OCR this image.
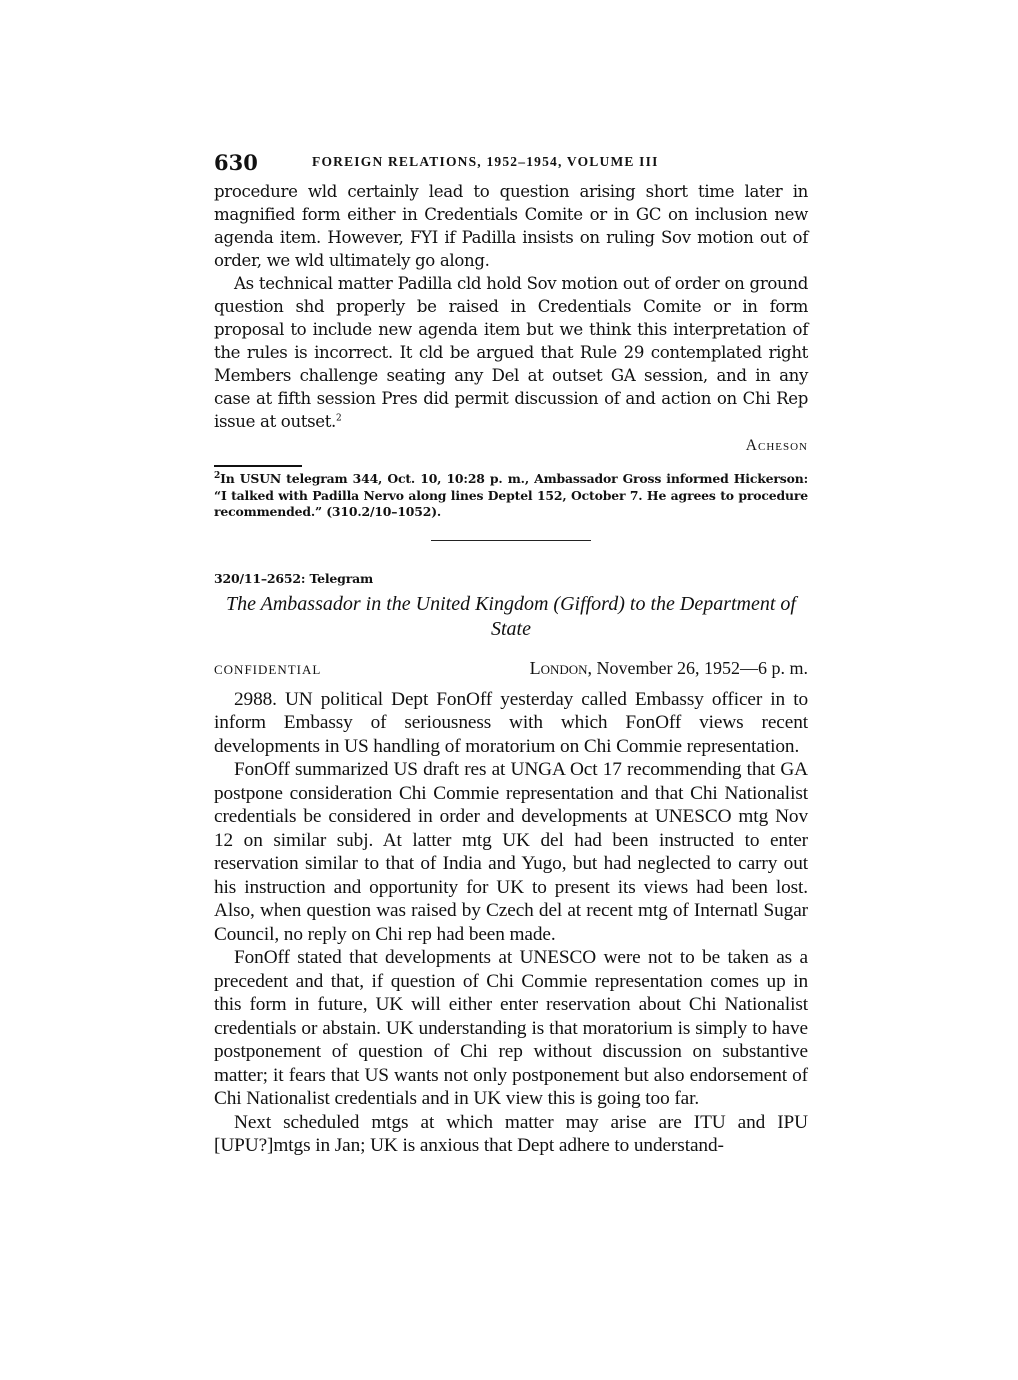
630	FOREIGN RELATIONS, 1952–1954, VOLUME III

procedure wld certainly lead to question arising short time later in magnified form either in Credentials Comite or in GC on inclusion new agenda item. However, FYI if Padilla insists on ruling Sov motion out of order, we wld ultimately go along.

As technical matter Padilla cld hold Sov motion out of order on ground question shd properly be raised in Credentials Comite or in form proposal to include new agenda item but we think this interpretation of the rules is incorrect. It cld be argued that Rule 29 contemplated right Members challenge seating any Del at outset GA session, and in any case at fifth session Pres did permit discussion of and action on Chi Rep issue at outset.$^2$

Acheson

$^2$In USUN telegram 344, Oct. 10, 10:28 p. m., Ambassador Gross informed Hickerson: “I talked with Padilla Nervo along lines Deptel 152, October 7. He agrees to procedure recommended.” (310.2/10–1052).

320/11–2652: Telegram
The Ambassador in the United Kingdom (Gifford) to the Department of State
CONFIDENTIAL	London, November 26, 1952—6 p. m.

2988. UN political Dept FonOff yesterday called Embassy officer in to inform Embassy of seriousness with which FonOff views recent developments in US handling of moratorium on Chi Commie representation.

FonOff summarized US draft res at UNGA Oct 17 recommending that GA postpone consideration Chi Commie representation and that Chi Nationalist credentials be considered in order and developments at UNESCO mtg Nov 12 on similar subj. At latter mtg UK del had been instructed to enter reservation similar to that of India and Yugo, but had neglected to carry out his instruction and opportunity for UK to present its views had been lost. Also, when question was raised by Czech del at recent mtg of Internatl Sugar Council, no reply on Chi rep had been made.

FonOff stated that developments at UNESCO were not to be taken as a precedent and that, if question of Chi Commie representation comes up in this form in future, UK will either enter reservation about Chi Nationalist credentials or abstain. UK understanding is that moratorium is simply to have postponement of question of Chi rep without discussion on substantive matter; it fears that US wants not only postponement but also endorsement of Chi Nationalist credentials and in UK view this is going too far.

Next scheduled mtgs at which matter may arise are ITU and IPU [UPU?]mtgs in Jan; UK is anxious that Dept adhere to understand-
